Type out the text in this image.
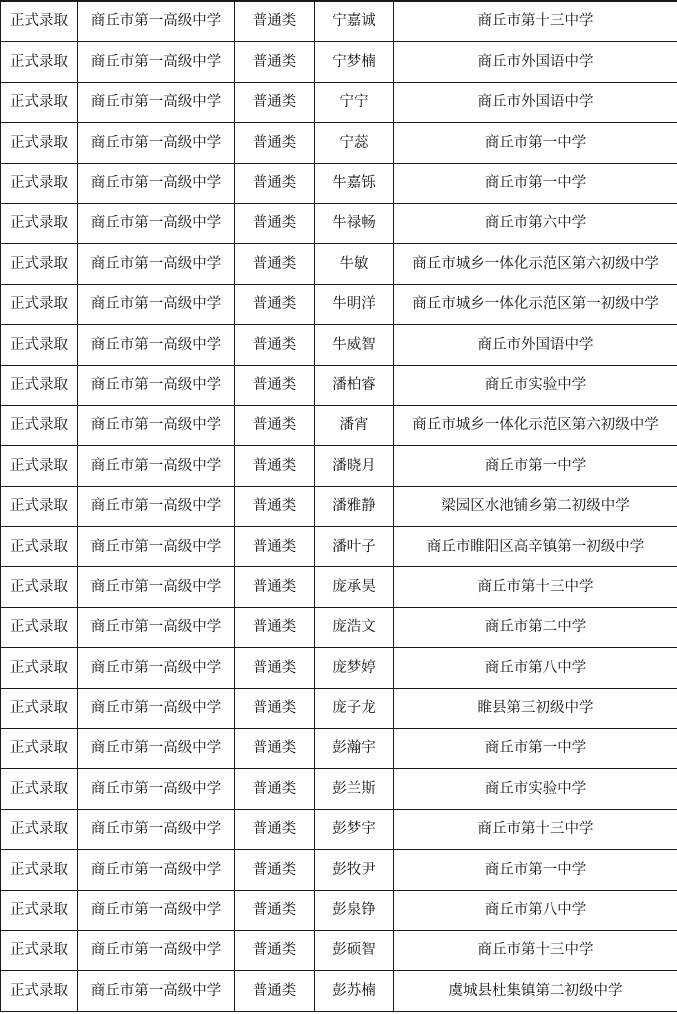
正式录取	商丘市第一高级中学	普通类	宁嘉诚	商丘市第十三中学
正式录取	商丘市第一高级中学	普通类	宁梦楠	商丘市外国语中学
正式录取	商丘市第一高级中学	普通类	宁宁	商丘市外国语中学
正式录取	商丘市第一高级中学	普通类	宁蕊	商丘市第一中学
正式录取	商丘市第一高级中学	普通类	牛嘉铄	商丘市第一中学
正式录取	商丘市第一高级中学	普通类	牛禄畅	商丘市第六中学
正式录取	商丘市第一高级中学	普通类	牛敏	商丘市城乡一体化示范区第六初级中学
正式录取	商丘市第一高级中学	普通类	牛明洋	商丘市城乡一体化示范区第一初级中学
正式录取	商丘市第一高级中学	普通类	牛威智	商丘市外国语中学
正式录取	商丘市第一高级中学	普通类	潘柏睿	商丘市实验中学
正式录取	商丘市第一高级中学	普通类	潘宵	商丘市城乡一体化示范区第六初级中学
正式录取	商丘市第一高级中学	普通类	潘晓月	商丘市第一中学
正式录取	商丘市第一高级中学	普通类	潘雅静	梁园区水池铺乡第二初级中学
正式录取	商丘市第一高级中学	普通类	潘叶子	商丘市睢阳区高辛镇第一初级中学
正式录取	商丘市第一高级中学	普通类	庞承昊	商丘市第十三中学
正式录取	商丘市第一高级中学	普通类	庞浩文	商丘市第二中学
正式录取	商丘市第一高级中学	普通类	庞梦婷	商丘市第八中学
正式录取	商丘市第一高级中学	普通类	庞子龙	睢县第三初级中学
正式录取	商丘市第一高级中学	普通类	彭瀚宇	商丘市第一中学
正式录取	商丘市第一高级中学	普通类	彭兰斯	商丘市实验中学
正式录取	商丘市第一高级中学	普通类	彭梦宇	商丘市第十三中学
正式录取	商丘市第一高级中学	普通类	彭牧尹	商丘市第一中学
正式录取	商丘市第一高级中学	普通类	彭泉铮	商丘市第八中学
正式录取	商丘市第一高级中学	普通类	彭硕智	商丘市第十三中学
正式录取	商丘市第一高级中学	普通类	彭苏楠	虞城县杜集镇第二初级中学
